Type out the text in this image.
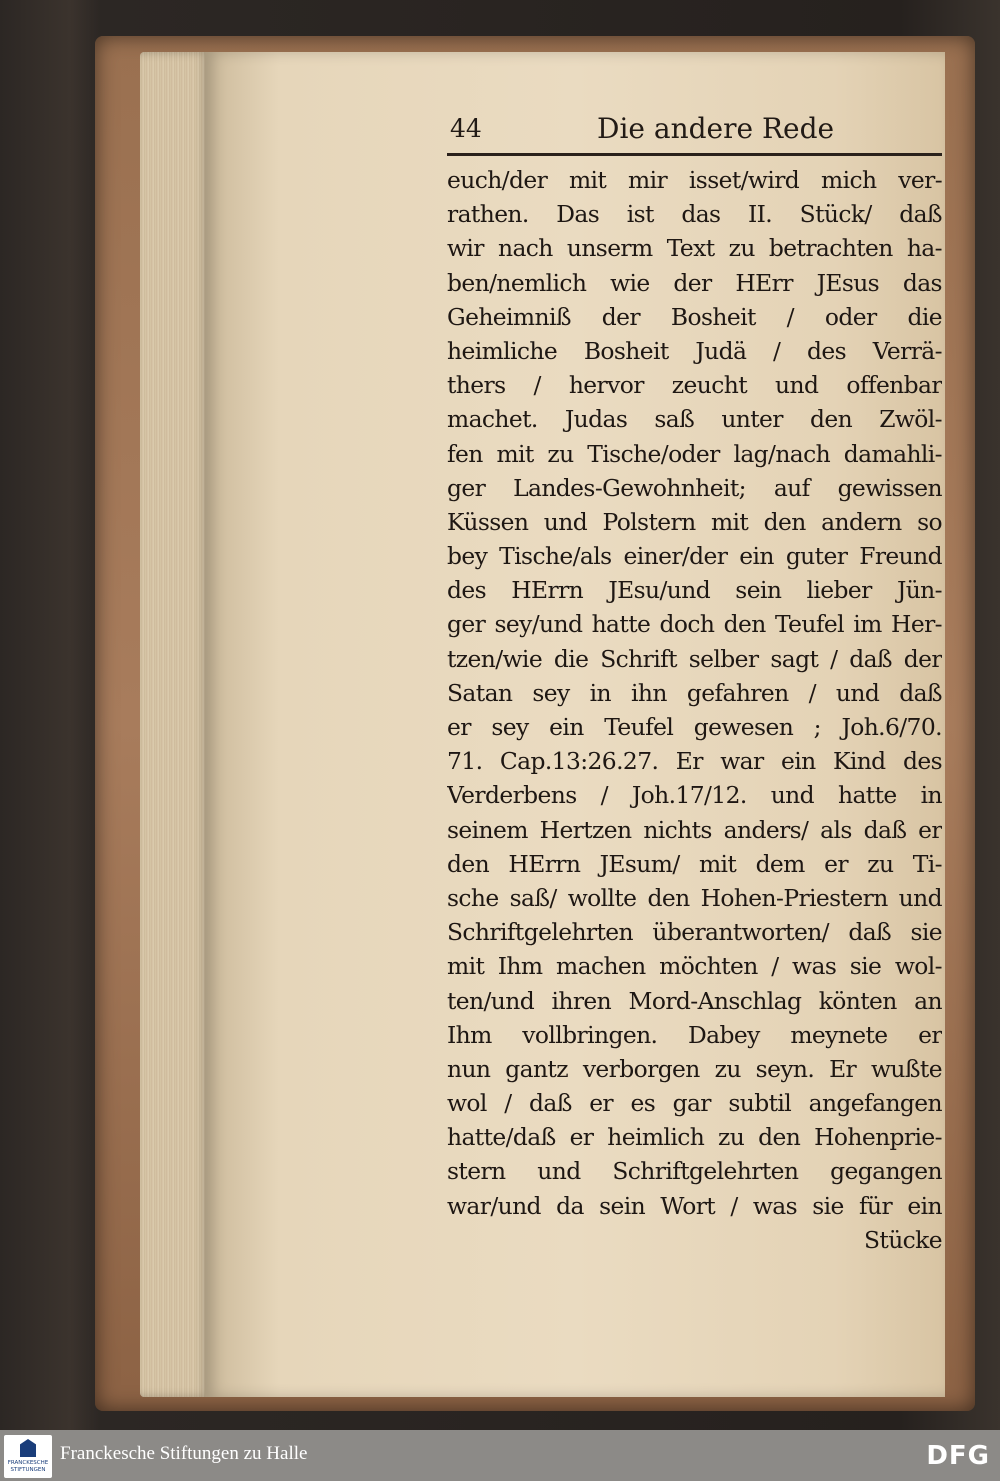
44	Die andere Rede
euch/der mit mir isset/wird mich ver-
rathen. Das ist das II. Stück/ daß
wir nach unserm Text zu betrachten ha-
ben/nemlich wie der HErr JEsus das
Geheimniß der Bosheit / oder die
heimliche Bosheit Judä / des Verrä-
thers / hervor zeucht und offenbar
machet. Judas saß unter den Zwöl-
fen mit zu Tische/oder lag/nach damahli-
ger Landes-Gewohnheit; auf gewissen
Küssen und Polstern mit den andern so
bey Tische/als einer/der ein guter Freund
des HErrn JEsu/und sein lieber Jün-
ger sey/und hatte doch den Teufel im Her-
tzen/wie die Schrift selber sagt / daß der
Satan sey in ihn gefahren / und daß
er sey ein Teufel gewesen ; Joh.6/70.
71. Cap.13:26.27. Er war ein Kind des
Verderbens / Joh.17/12. und hatte in
seinem Hertzen nichts anders/ als daß er
den HErrn JEsum/ mit dem er zu Ti-
sche saß/ wollte den Hohen-Priestern und
Schriftgelehrten überantworten/ daß sie
mit Ihm machen möchten / was sie wol-
ten/und ihren Mord-Anschlag könten an
Ihm vollbringen. Dabey meynete er
nun gantz verborgen zu seyn. Er wußte
wol / daß er es gar subtil angefangen
hatte/daß er heimlich zu den Hohenprie-
stern und Schriftgelehrten gegangen
war/und da sein Wort / was sie für ein
Stücke
FRANCKESCHE STIFTUNGEN
Franckesche Stiftungen zu Halle	DFG
